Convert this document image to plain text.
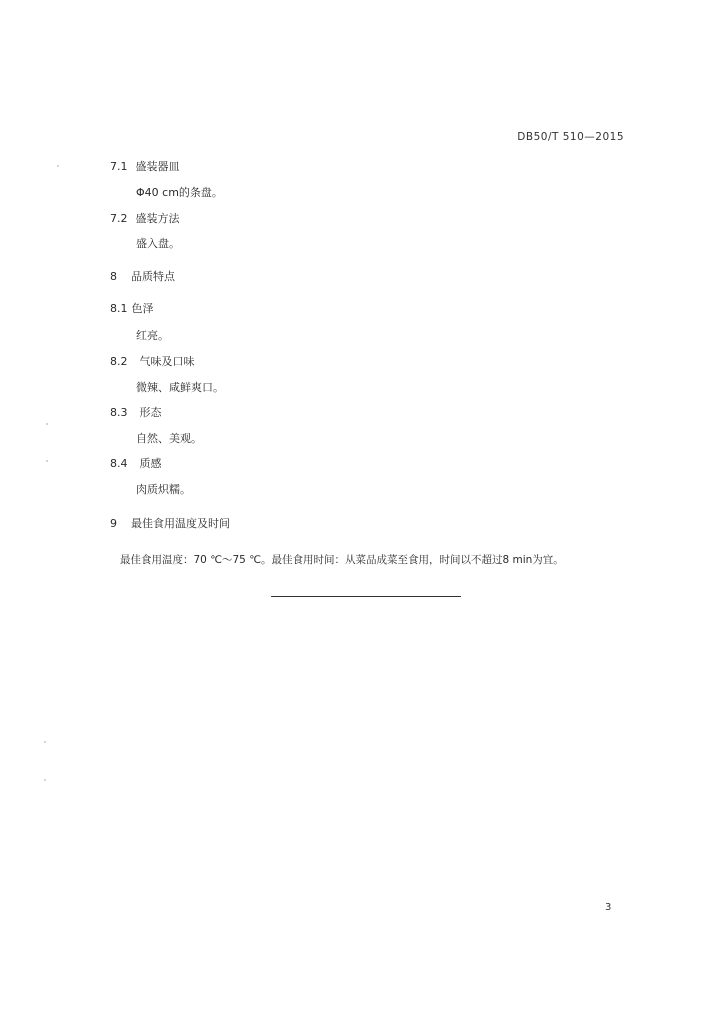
DB50/T 510—2015
7.1 盛装器皿
Φ40 cm的条盘。
7.2 盛装方法
盛入盘。
8 品质特点
8.1 色泽
红亮。
8.2 气味及口味
微辣、咸鲜爽口。
8.3 形态
自然、美观。
8.4 质感
肉质炽糯。
9 最佳食用温度及时间
最佳食用温度：70 ℃～75 ℃。最佳食用时间：从菜品成菜至食用，时间以不超过8 min为宜。
3
